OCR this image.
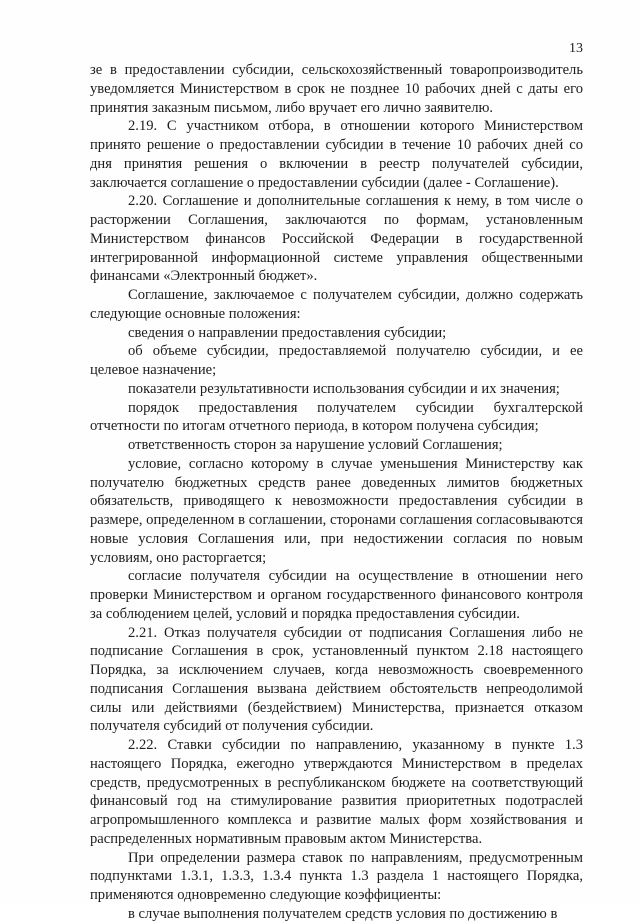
13

зе в предоставлении субсидии, сельскохозяйственный товаропроизводитель уведомляется Министерством в срок не позднее 10 рабочих дней с даты его принятия заказным письмом, либо вручает его лично заявителю.

2.19. С участником отбора, в отношении которого Министерством принято решение о предоставлении субсидии в течение 10 рабочих дней со дня принятия решения о включении в реестр получателей субсидии, заключается соглашение о предоставлении субсидии (далее - Соглашение).

2.20. Соглашение и дополнительные соглашения к нему, в том числе о расторжении Соглашения, заключаются по формам, установленным Министерством финансов Российской Федерации в государственной интегрированной информационной системе управления общественными финансами «Электронный бюджет».

Соглашение, заключаемое с получателем субсидии, должно содержать следующие основные положения:

сведения о направлении предоставления субсидии;

об объеме субсидии, предоставляемой получателю субсидии, и ее целевое назначение;

показатели результативности использования субсидии и их значения;

порядок предоставления получателем субсидии бухгалтерской отчетности по итогам отчетного периода, в котором получена субсидия;

ответственность сторон за нарушение условий Соглашения;

условие, согласно которому в случае уменьшения Министерству как получателю бюджетных средств ранее доведенных лимитов бюджетных обязательств, приводящего к невозможности предоставления субсидии в размере, определенном в соглашении, сторонами соглашения согласовываются новые условия Соглашения или, при недостижении согласия по новым условиям, оно расторгается;

согласие получателя субсидии на осуществление в отношении него проверки Министерством и органом государственного финансового контроля за соблюдением целей, условий и порядка предоставления субсидии.

2.21. Отказ получателя субсидии от подписания Соглашения либо не подписание Соглашения в срок, установленный пунктом 2.18 настоящего Порядка, за исключением случаев, когда невозможность своевременного подписания Соглашения вызвана действием обстоятельств непреодолимой силы или действиями (бездействием) Министерства, признается отказом получателя субсидий от получения субсидии.

2.22. Ставки субсидии по направлению, указанному в пункте 1.3 настоящего Порядка, ежегодно утверждаются Министерством в пределах средств, предусмотренных в республиканском бюджете на соответствующий финансовый год на стимулирование развития приоритетных подотраслей агропромышленного комплекса и развитие малых форм хозяйствования и распределенных нормативным правовым актом Министерства.

При определении размера ставок по направлениям, предусмотренным подпунктами 1.3.1, 1.3.3, 1.3.4 пункта 1.3 раздела 1 настоящего Порядка, применяются одновременно следующие коэффициенты:

в случае выполнения получателем средств условия по достижению в
